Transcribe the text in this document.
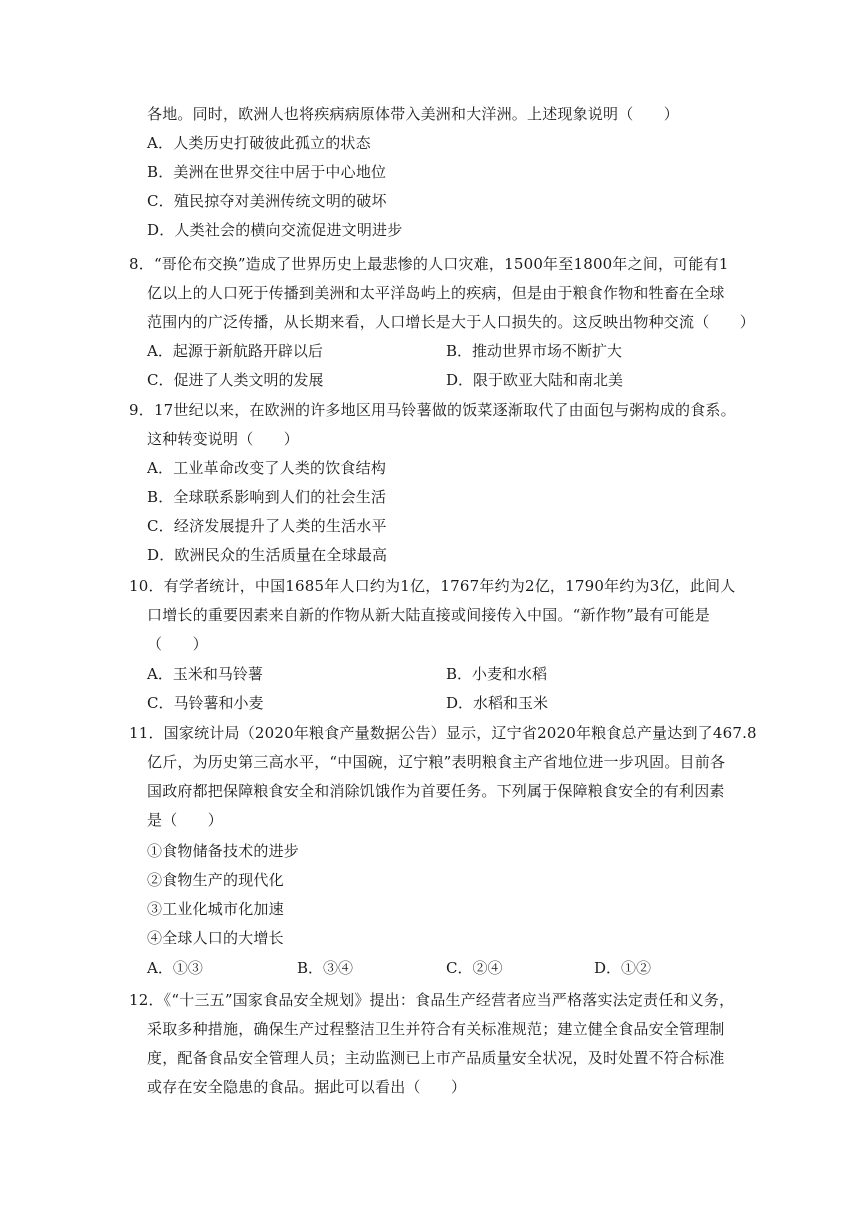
各地。同时，欧洲人也将疾病病原体带入美洲和大洋洲。上述现象说明（　　）
A．人类历史打破彼此孤立的状态
B．美洲在世界交往中居于中心地位
C．殖民掠夺对美洲传统文明的破坏
D．人类社会的横向交流促进文明进步
8．“哥伦布交换”造成了世界历史上最悲惨的人口灾难，1500年至1800年之间，可能有1
亿以上的人口死于传播到美洲和太平洋岛屿上的疾病，但是由于粮食作物和牲畜在全球
范围内的广泛传播，从长期来看，人口增长是大于人口损失的。这反映出物种交流（　　）
A．起源于新航路开辟以后	B．推动世界市场不断扩大
C．促进了人类文明的发展	D．限于欧亚大陆和南北美
9．17世纪以来，在欧洲的许多地区用马铃薯做的饭菜逐渐取代了由面包与粥构成的食系。
这种转变说明（　　）
A．工业革命改变了人类的饮食结构
B．全球联系影响到人们的社会生活
C．经济发展提升了人类的生活水平
D．欧洲民众的生活质量在全球最高
10．有学者统计，中国1685年人口约为1亿，1767年约为2亿，1790年约为3亿，此间人
口增长的重要因素来自新的作物从新大陆直接或间接传入中国。“新作物”最有可能是
（　　）
A．玉米和马铃薯	B．小麦和水稻
C．马铃薯和小麦	D．水稻和玉米
11．国家统计局（2020年粮食产量数据公告）显示，辽宁省2020年粮食总产量达到了467.8
亿斤，为历史第三高水平，“中国碗，辽宁粮”表明粮食主产省地位进一步巩固。目前各
国政府都把保障粮食安全和消除饥饿作为首要任务。下列属于保障粮食安全的有利因素
是（　　）
①食物储备技术的进步
②食物生产的现代化
③工业化城市化加速
④全球人口的大增长
A．①③	B．③④	C．②④	D．①②
12．《“十三五”国家食品安全规划》提出：食品生产经营者应当严格落实法定责任和义务，
采取多种措施，确保生产过程整洁卫生并符合有关标准规范；建立健全食品安全管理制
度，配备食品安全管理人员；主动监测已上市产品质量安全状况，及时处置不符合标准
或存在安全隐患的食品。据此可以看出（　　）
